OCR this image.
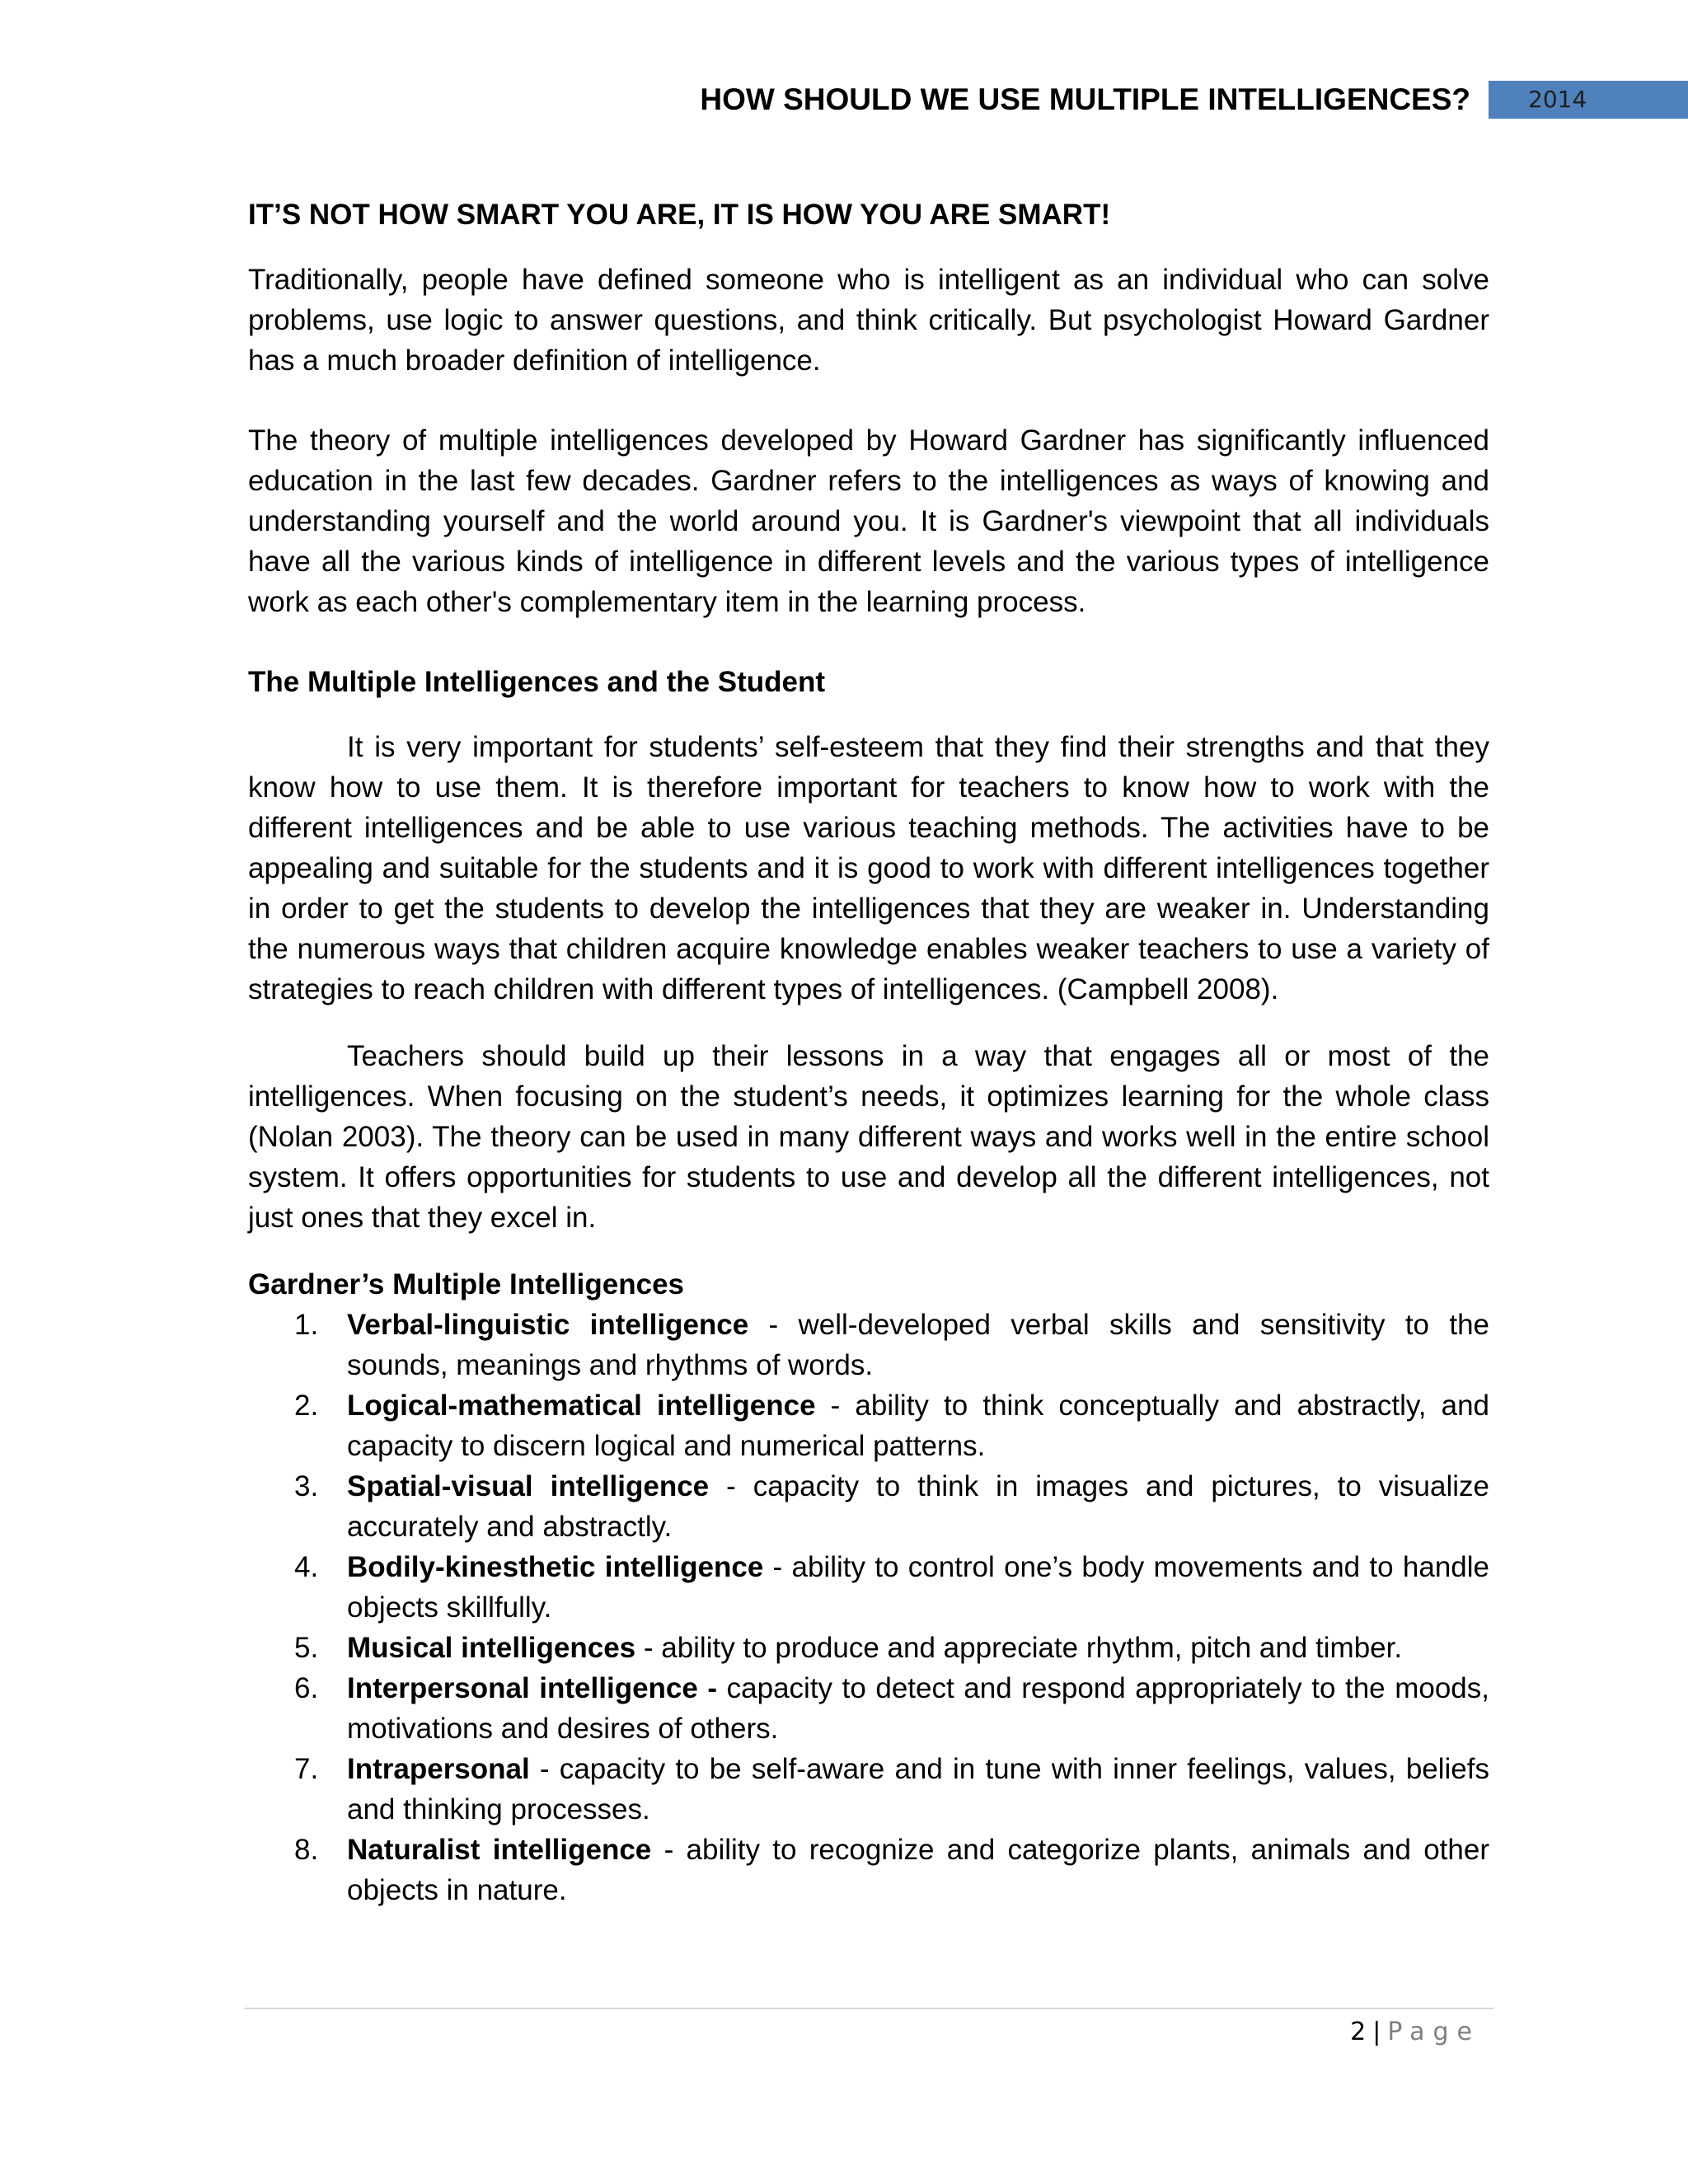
HOW SHOULD WE USE MULTIPLE INTELLIGENCES?	2014
IT’S NOT HOW SMART YOU ARE, IT IS HOW YOU ARE SMART!

Traditionally, people have defined someone who is intelligent as an individual who can solve problems, use logic to answer questions, and think critically. But psychologist Howard Gardner has a much broader definition of intelligence.

The theory of multiple intelligences developed by Howard Gardner has significantly influenced education in the last few decades. Gardner refers to the intelligences as ways of knowing and understanding yourself and the world around you. It is Gardner's viewpoint that all individuals have all the various kinds of intelligence in different levels and the various types of intelligence work as each other's complementary item in the learning process.

The Multiple Intelligences and the Student

It is very important for students’ self-esteem that they find their strengths and that they know how to use them. It is therefore important for teachers to know how to work with the different intelligences and be able to use various teaching methods. The activities have to be appealing and suitable for the students and it is good to work with different intelligences together in order to get the students to develop the intelligences that they are weaker in. Understanding the numerous ways that children acquire knowledge enables weaker teachers to use a variety of strategies to reach children with different types of intelligences. (Campbell 2008).

Teachers should build up their lessons in a way that engages all or most of the intelligences. When focusing on the student’s needs, it optimizes learning for the whole class (Nolan 2003). The theory can be used in many different ways and works well in the entire school system. It offers opportunities for students to use and develop all the different intelligences, not just ones that they excel in.

Gardner’s Multiple Intelligences
1. Verbal-linguistic intelligence - well-developed verbal skills and sensitivity to the sounds, meanings and rhythms of words.
2. Logical-mathematical intelligence - ability to think conceptually and abstractly, and capacity to discern logical and numerical patterns.
3. Spatial-visual intelligence - capacity to think in images and pictures, to visualize accurately and abstractly.
4. Bodily-kinesthetic intelligence - ability to control one’s body movements and to handle objects skillfully.
5. Musical intelligences - ability to produce and appreciate rhythm, pitch and timber.
6. Interpersonal intelligence - capacity to detect and respond appropriately to the moods, motivations and desires of others.
7. Intrapersonal - capacity to be self-aware and in tune with inner feelings, values, beliefs and thinking processes.
8. Naturalist intelligence - ability to recognize and categorize plants, animals and other objects in nature.
2 | Page
